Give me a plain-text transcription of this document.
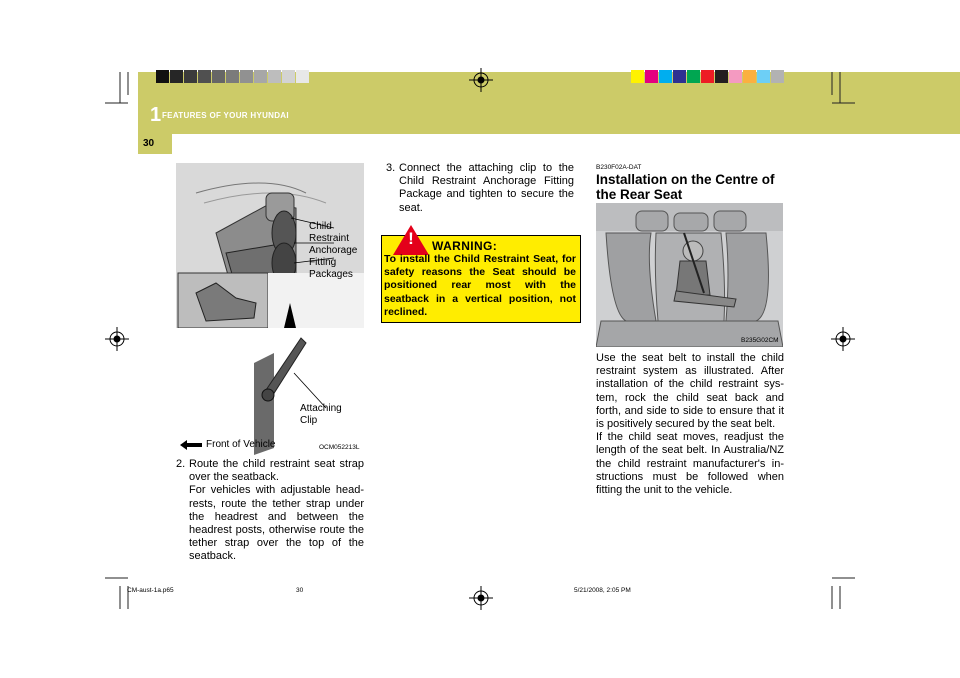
1 FEATURES OF YOUR HYUNDAI
30
Child
Restraint
Anchorage
Fitting
Packages
Attaching
Clip
Front of Vehicle	OCM052213L
2. Route the child restraint seat strap over the seatback.
For vehicles with adjustable head-rests, route the tether strap under the headrest and between the headrest posts, otherwise route the tether strap over the top of the seatback.
3. Connect the attaching clip to the Child Restraint Anchorage Fitting Package and tighten to secure the seat.
!	WARNING:
To install the Child Restraint Seat, for safety reasons the Seat should be positioned rear most with the seatback in a vertical position, not reclined.
B230F02A-DAT
Installation on the Centre of the Rear Seat
B235G02CM
Use the seat belt to install the child restraint system as illustrated. After installation of the child restraint sys-tem, rock the child seat back and forth, and side to side to ensure that it is positively secured by the seat belt.
If the child seat moves, readjust the length of the seat belt. In Australia/NZ the child restraint manufacturer's in-structions must be followed when fitting the unit to the vehicle.
CM-aust-1a.p65	30	5/21/2008, 2:05 PM
